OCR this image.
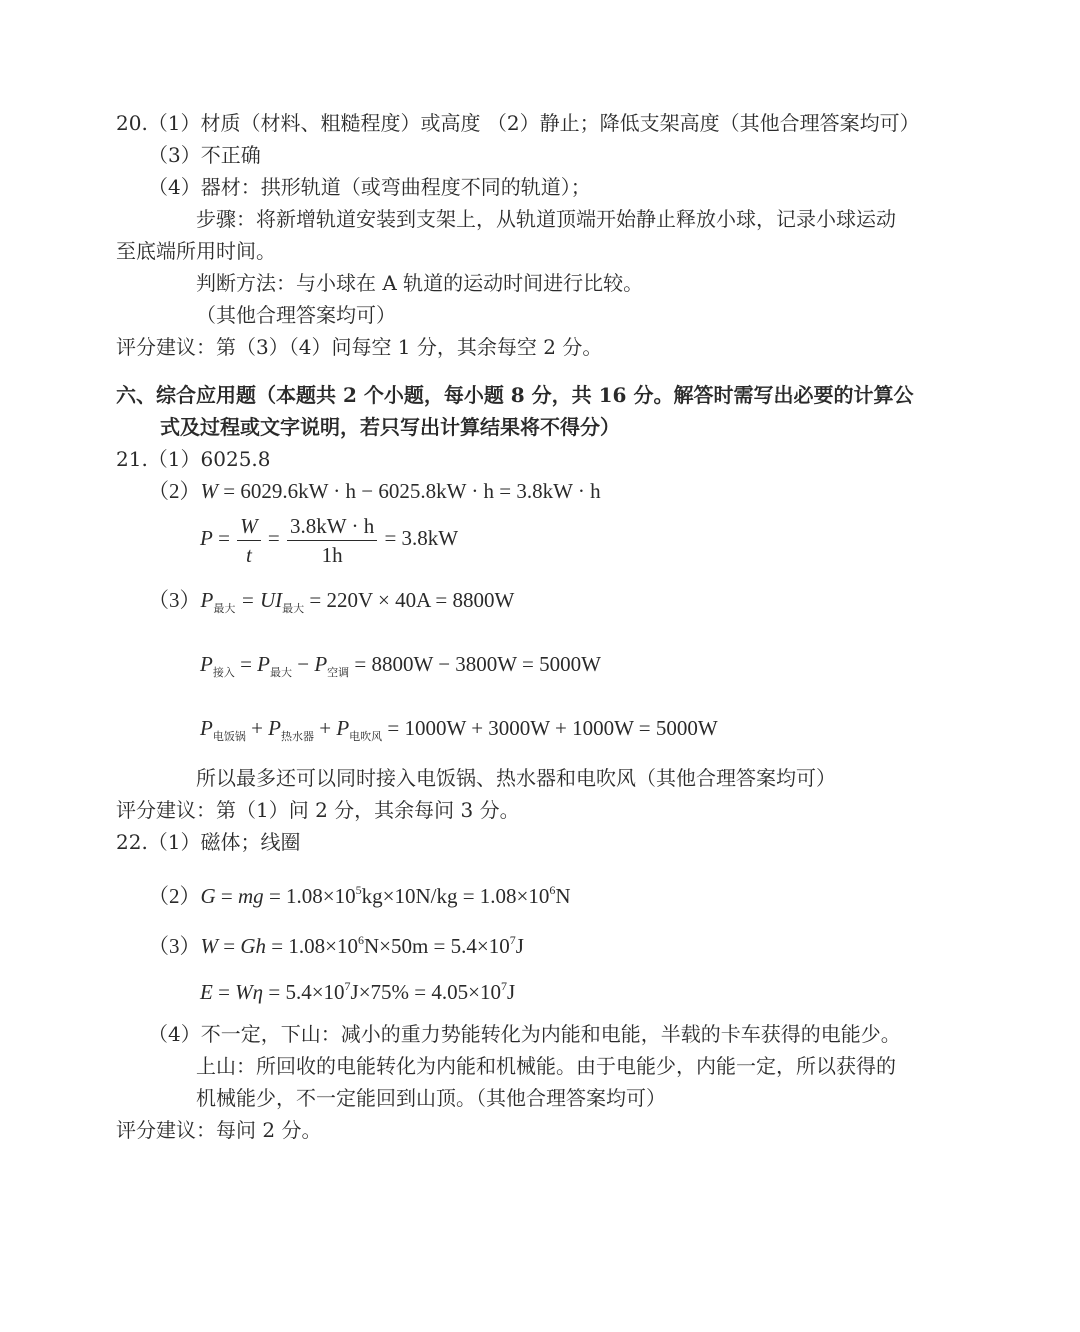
20.（1）材质（材料、粗糙程度）或高度 （2）静止；降低支架高度（其他合理答案均可）
（3）不正确
（4）器材：拱形轨道（或弯曲程度不同的轨道）；
步骤：将新增轨道安装到支架上，从轨道顶端开始静止释放小球，记录小球运动
至底端所用时间。
判断方法：与小球在 A 轨道的运动时间进行比较。
（其他合理答案均可）
评分建议：第（3）（4）问每空 1 分，其余每空 2 分。
六、综合应用题（本题共 2 个小题，每小题 8 分，共 16 分。解答时需写出必要的计算公
式及过程或文字说明，若只写出计算结果将不得分）
21.（1）6025.8
（2）W = 6029.6kW · h − 6025.8kW · h = 3.8kW · h
$P = \frac{W}{t} = \frac{3.8kW \cdot h}{1h} = 3.8kW$
$(3)P_{最大} = UI_{最大} = 220V \times 40A = 8800W$
$P_{接入} = P_{最大} - P_{空调} = 8800W - 3800W = 5000W$
$P_{电饭锅} + P_{热水器} + P_{电吹风} = 1000W + 3000W + 1000W = 5000W$
所以最多还可以同时接入电饭锅、热水器和电吹风（其他合理答案均可）
评分建议：第（1）问 2 分，其余每问 3 分。
22.（1）磁体；线圈
（2）G = mg = $1.08\times 10^5kg\times 10N/kg = 1.08\times 10^6N$
$(3)W = Gh = 1.08\times 10^6N\times 50m = 5.4\times 10^7J$
$E = W\eta = 5.4\times 10^7J\times 75\% = 4.05\times 10^7J$
（4）不一定，下山：减小的重力势能转化为内能和电能，半载的卡车获得的电能少。
上山：所回收的电能转化为内能和机械能。由于电能少，内能一定，所以获得的
机械能少，不一定能回到山顶。（其他合理答案均可）
评分建议：每问 2 分。
